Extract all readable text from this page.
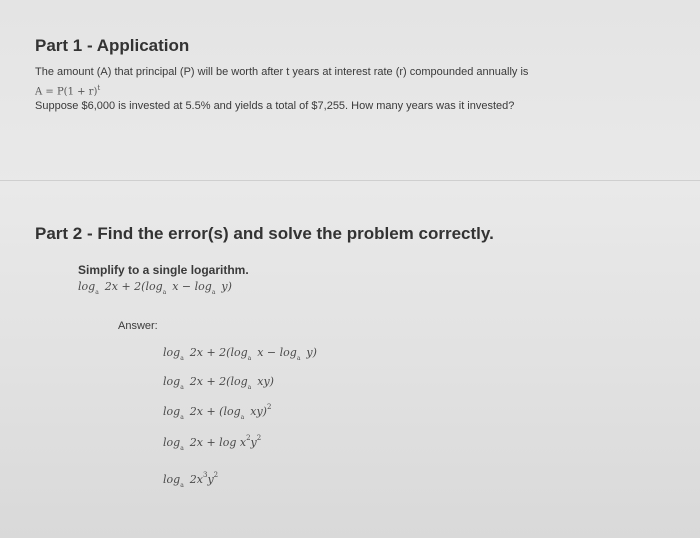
Part 1 - Application
The amount (A) that principal (P) will be worth after t years at interest rate (r) compounded annually is
$A = P(1 + r)^t$
Suppose $6,000 is invested at 5.5% and yields a total of $7,255. How many years was it invested?
Part 2 - Find the error(s) and solve the problem correctly.
Simplify to a single logarithm.
$\log_a 2x + 2(\log_a$ $x - \log_a y$)
Answer:
$\log_a 2x + 2(\log_a$ $x - \log_a y$)
$\log_a 2x + 2(\log_a$ xy)
$\log_a 2x + (\log_a$ xy)$^2$
$\log_a 2x + \log x^2y^2$
$\log_a 2x^3y^2$
